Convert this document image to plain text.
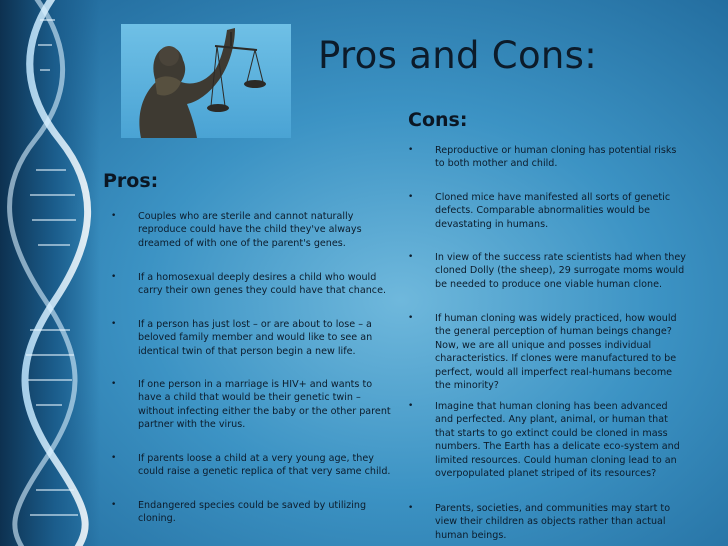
Pros and Cons:
Pros:
Cons:
• Couples who are sterile and cannot naturally reproduce could have the child they've always dreamed of with one of the parent's genes.
• If a homosexual deeply desires a child who would carry their own genes they could have that chance.
• If a person has just lost – or are about to lose – a beloved family member and would like to see an identical twin of that person begin a new life.
• If one person in a marriage is HIV+ and wants to have a child that would be their genetic twin – without infecting either the baby or the other parent partner with the virus.
• If parents loose a child at a very young age, they could raise a genetic replica of that very same child.
• Endangered species could be saved by utilizing cloning.
• Reproductive or human cloning has potential risks to both mother and child.
• Cloned mice have manifested all sorts of genetic defects. Comparable abnormalities would be devastating in humans.
• In view of the success rate scientists had when they cloned Dolly (the sheep), 29 surrogate moms would be needed to produce one viable human clone.
• If human cloning was widely practiced, how would the general perception of human beings change? Now, we are all unique and posses individual characteristics. If clones were manufactured to be perfect, would all imperfect real-humans become the minority?
• Imagine that human cloning has been advanced and perfected. Any plant, animal, or human that that starts to go extinct could be cloned in mass numbers. The Earth has a delicate eco-system and limited resources. Could human cloning lead to an overpopulated planet striped of its resources?
• Parents, societies, and communities may start to view their children as objects rather than actual human beings.
